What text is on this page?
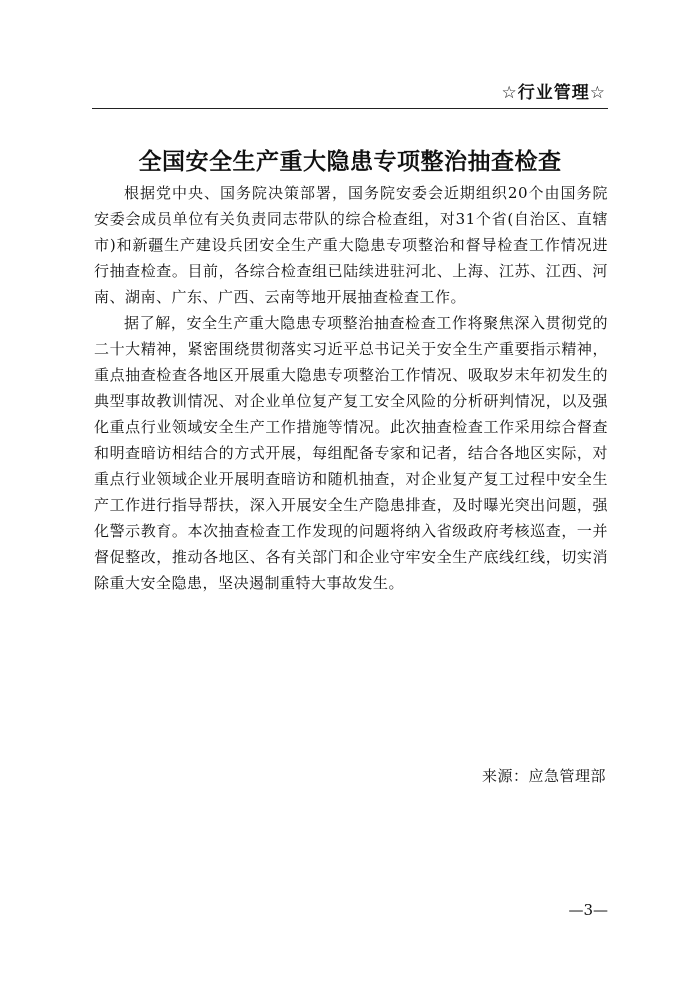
☆行业管理☆
全国安全生产重大隐患专项整治抽查检查

根据党中央、国务院决策部署，国务院安委会近期组织20个由国务院安委会成员单位有关负责同志带队的综合检查组，对31个省(自治区、直辖市)和新疆生产建设兵团安全生产重大隐患专项整治和督导检查工作情况进行抽查检查。目前，各综合检查组已陆续进驻河北、上海、江苏、江西、河南、湖南、广东、广西、云南等地开展抽查检查工作。

据了解，安全生产重大隐患专项整治抽查检查工作将聚焦深入贯彻党的二十大精神，紧密围绕贯彻落实习近平总书记关于安全生产重要指示精神，重点抽查检查各地区开展重大隐患专项整治工作情况、吸取岁末年初发生的典型事故教训情况、对企业单位复产复工安全风险的分析研判情况，以及强化重点行业领域安全生产工作措施等情况。此次抽查检查工作采用综合督查和明查暗访相结合的方式开展，每组配备专家和记者，结合各地区实际，对重点行业领域企业开展明查暗访和随机抽查，对企业复产复工过程中安全生产工作进行指导帮扶，深入开展安全生产隐患排查，及时曝光突出问题，强化警示教育。本次抽查检查工作发现的问题将纳入省级政府考核巡查，一并督促整改，推动各地区、各有关部门和企业守牢安全生产底线红线，切实消除重大安全隐患，坚决遏制重特大事故发生。

来源：应急管理部
—3—
